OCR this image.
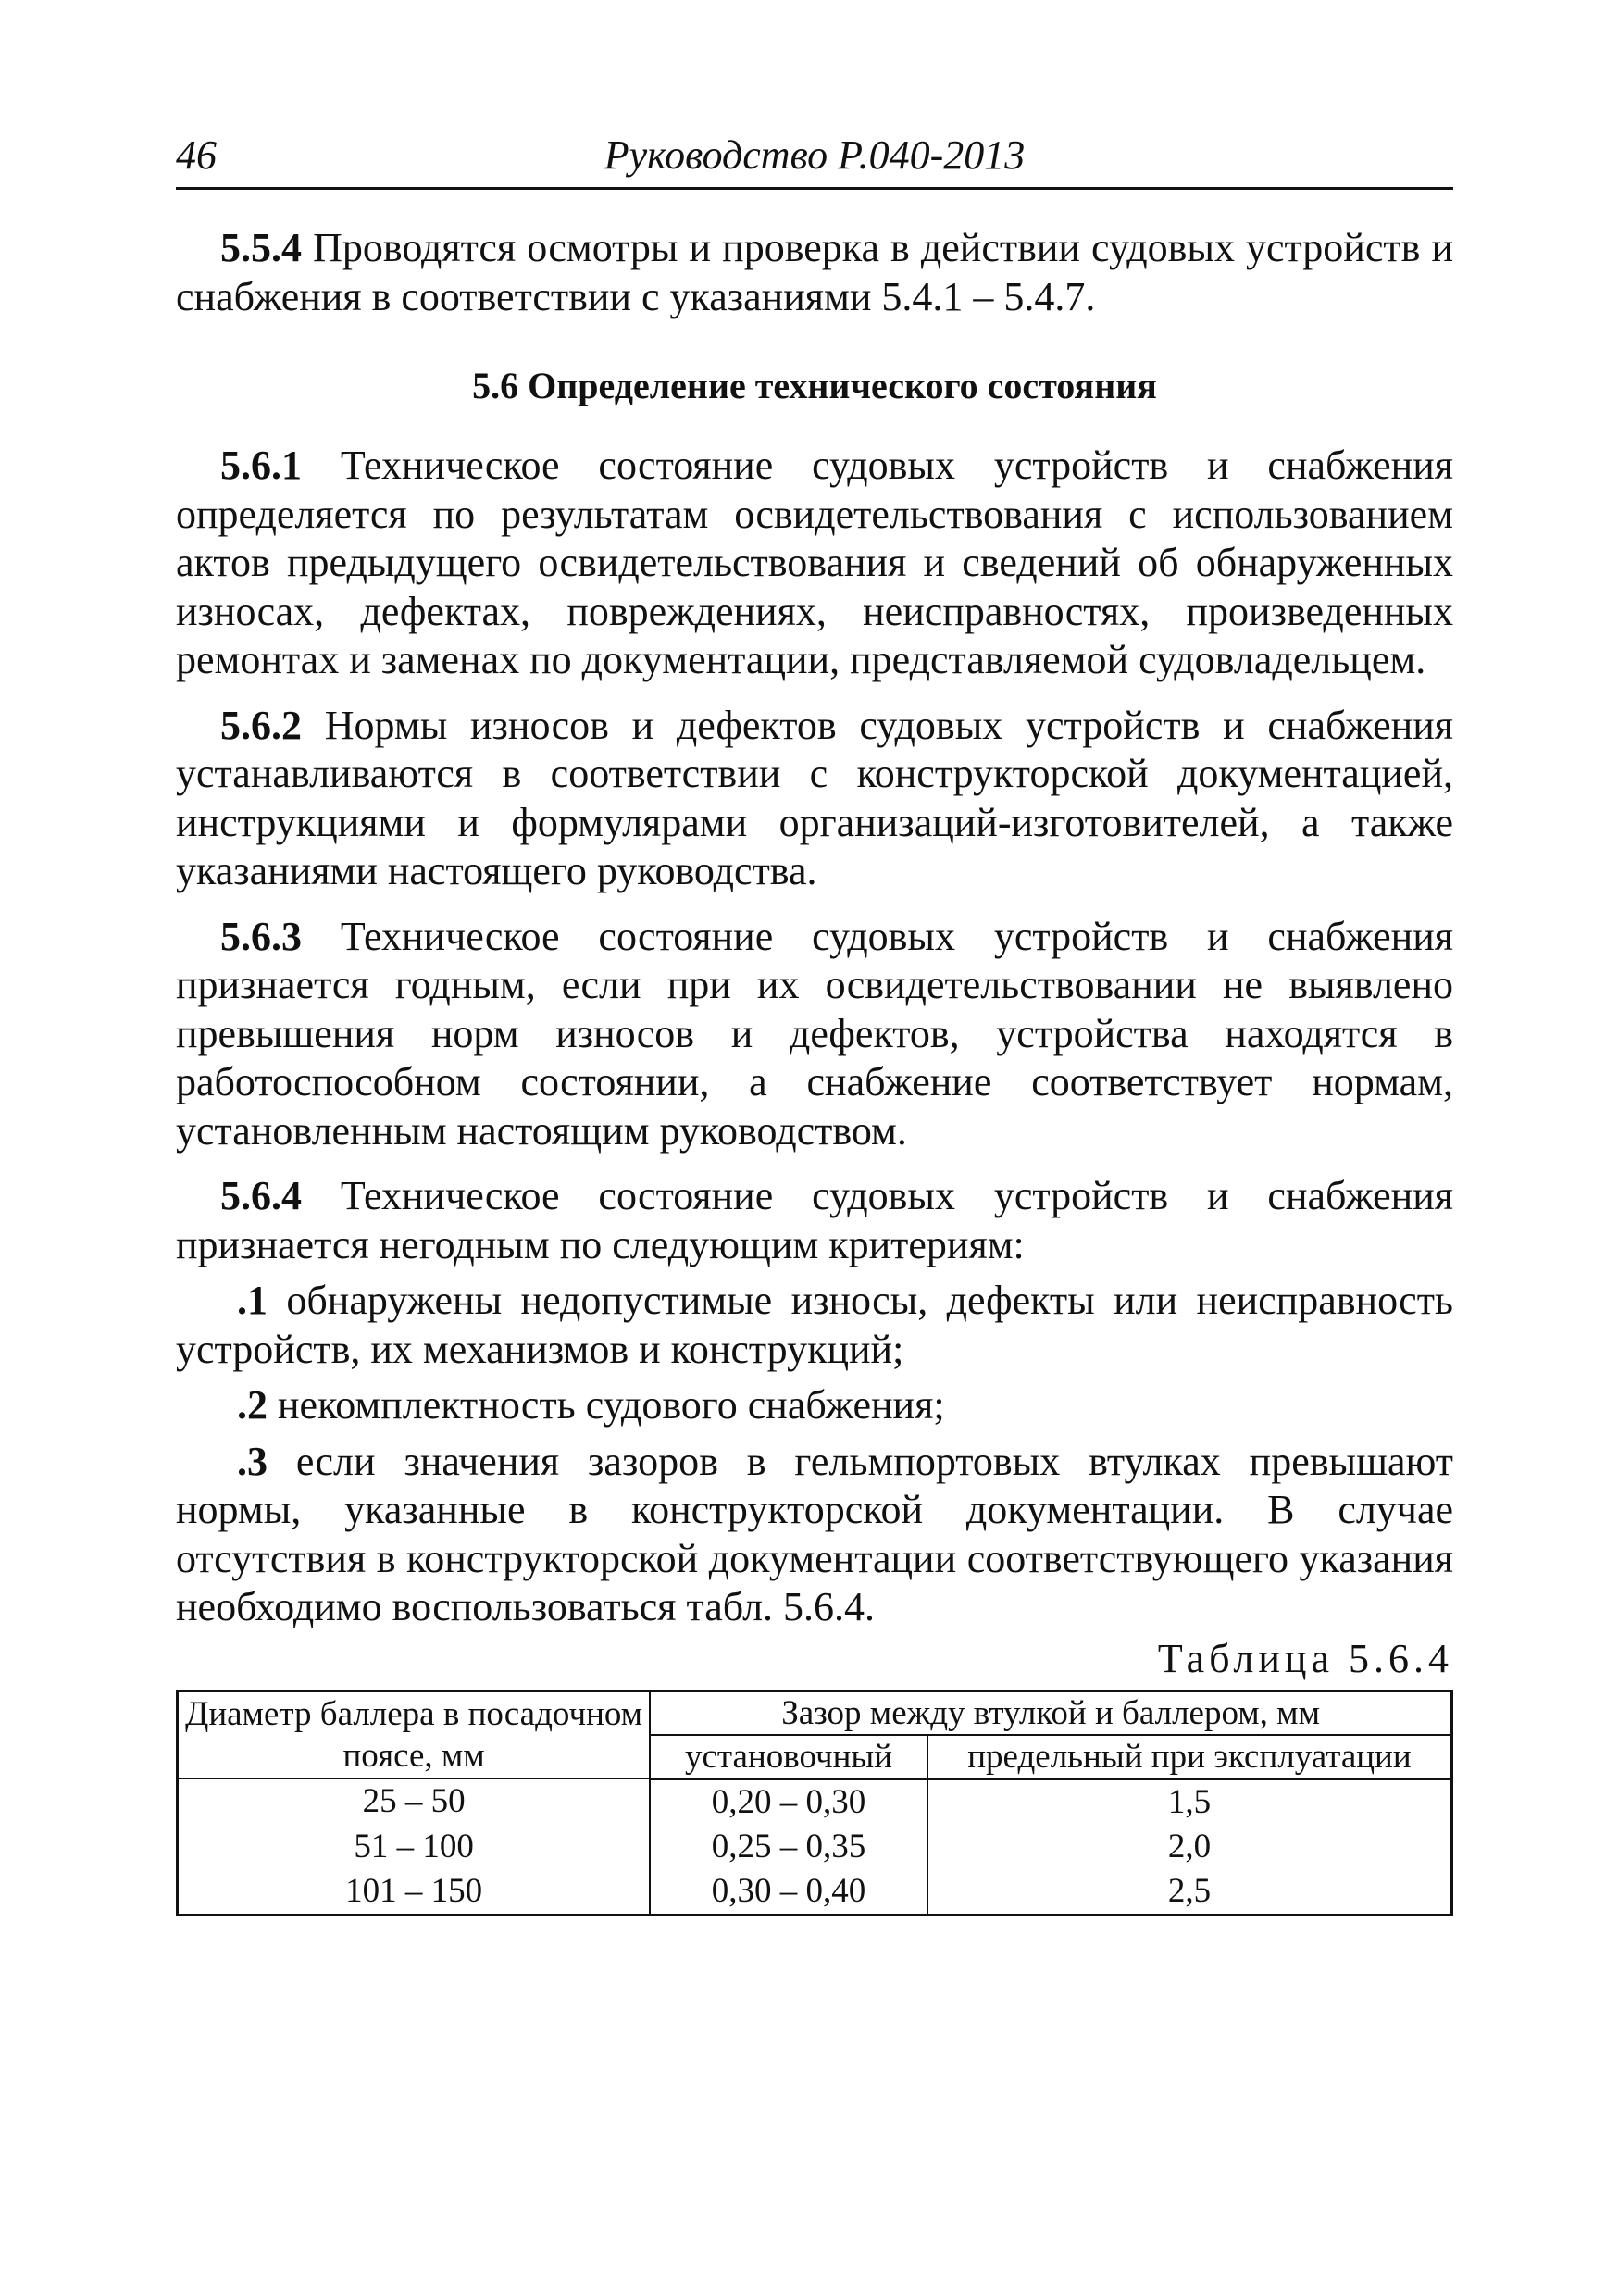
46	Руководство Р.040-2013

5.5.4 Проводятся осмотры и проверка в действии судовых устройств и снабжения в соответствии с указаниями 5.4.1 – 5.4.7.

5.6 Определение технического состояния

5.6.1 Техническое состояние судовых устройств и снабжения определяется по результатам освидетельствования с использованием актов предыдущего освидетельствования и сведений об обнаруженных износах, дефектах, повреждениях, неисправностях, произведенных ремонтах и заменах по документации, представляемой судовладельцем.

5.6.2 Нормы износов и дефектов судовых устройств и снабжения устанавливаются в соответствии с конструкторской документацией, инструкциями и формулярами организаций-изготовителей, а также указаниями настоящего руководства.

5.6.3 Техническое состояние судовых устройств и снабжения признается годным, если при их освидетельствовании не выявлено превышения норм износов и дефектов, устройства находятся в работоспособном состоянии, а снабжение соответствует нормам, установленным настоящим руководством.

5.6.4 Техническое состояние судовых устройств и снабжения признается негодным по следующим критериям:

.1 обнаружены недопустимые износы, дефекты или неисправность устройств, их механизмов и конструкций;

.2 некомплектность судового снабжения;

.3 если значения зазоров в гельмпортовых втулках превышают нормы, указанные в конструкторской документации. В случае отсутствия в конструкторской документации соответствующего указания необходимо воспользоваться табл. 5.6.4.

Таблица 5.6.4
Диаметр баллера в посадочном поясе, мм	Зазор между втулкой и баллером, мм	
	установочный	предельный при эксплуатации
25 – 50	0,20 – 0,30	1,5
51 – 100	0,25 – 0,35	2,0
101 – 150	0,30 – 0,40	2,5
